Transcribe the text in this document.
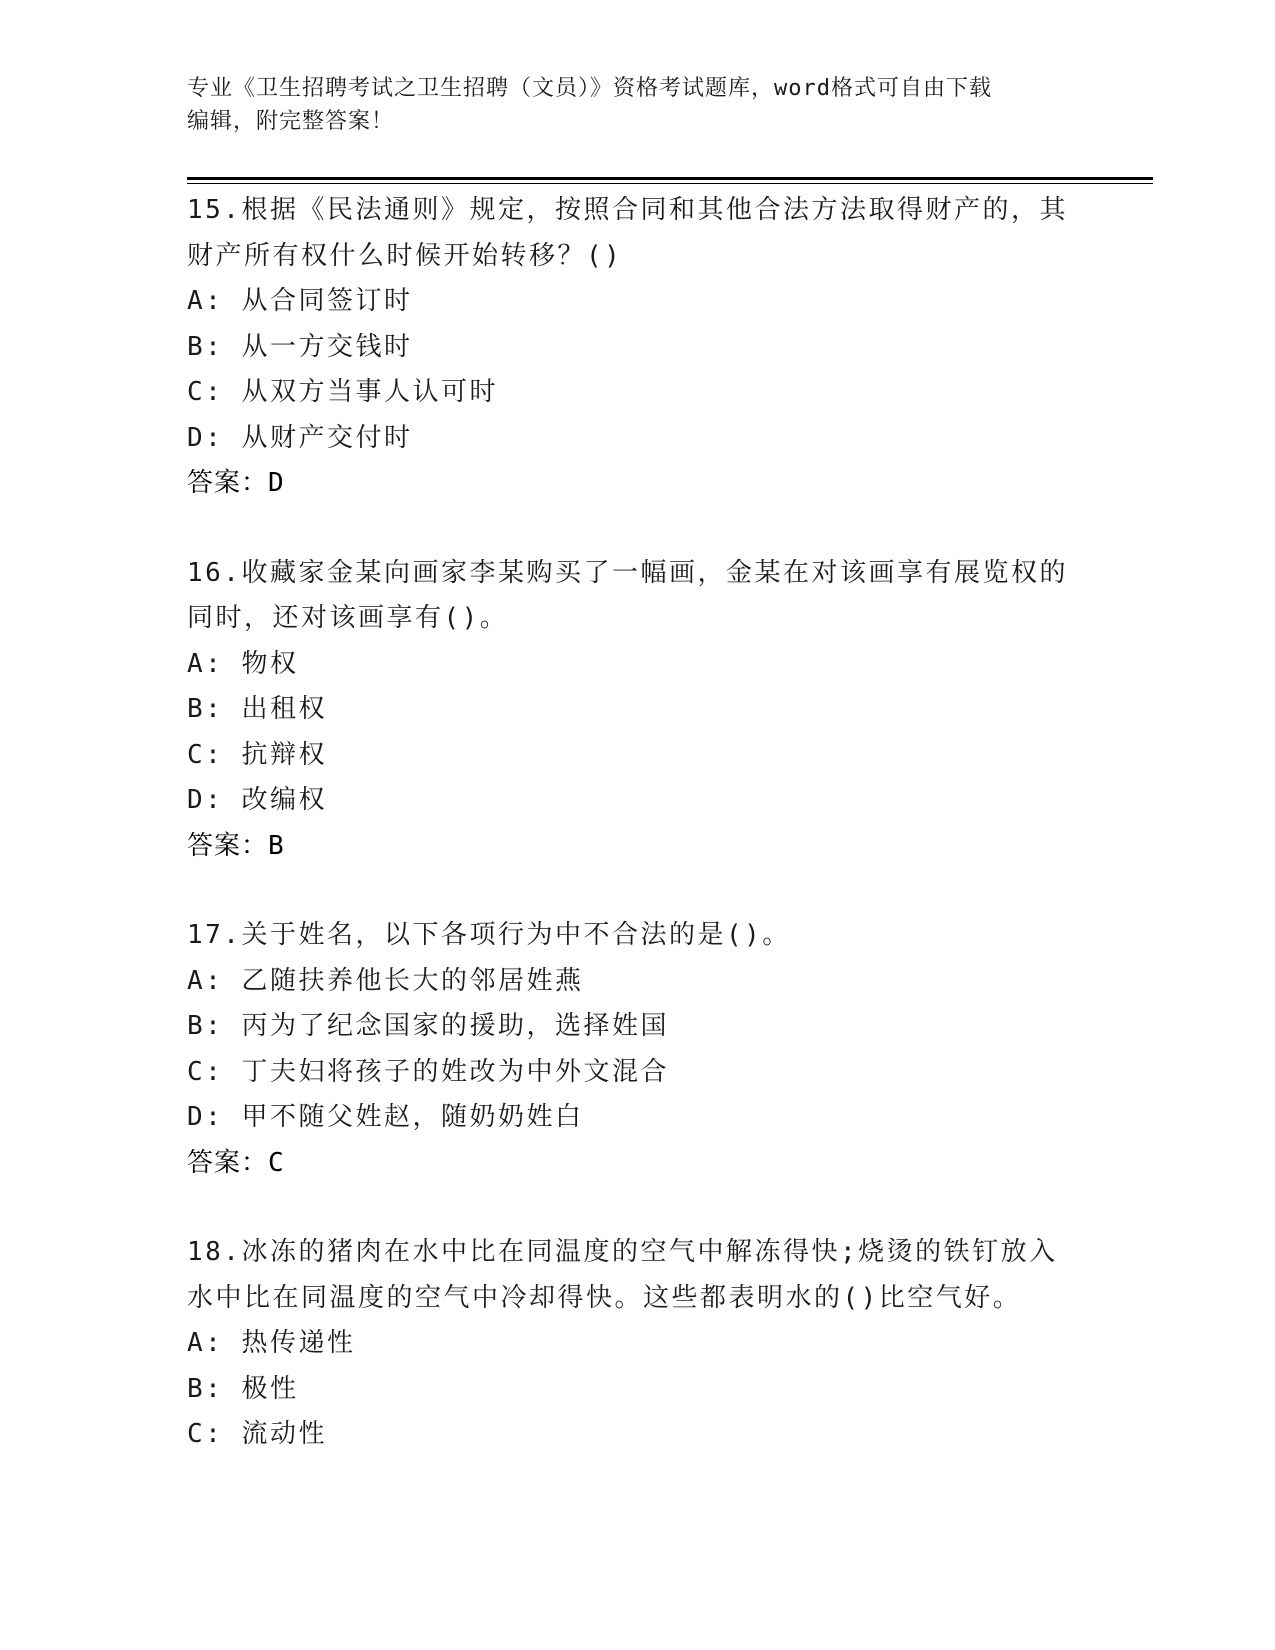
专业《卫生招聘考试之卫生招聘（文员）》资格考试题库，word格式可自由下载
编辑，附完整答案！
15.根据《民法通则》规定，按照合同和其他合法方法取得财产的，其
财产所有权什么时候开始转移？()
A: 从合同签订时
B: 从一方交钱时
C: 从双方当事人认可时
D: 从财产交付时
答案：D
16.收藏家金某向画家李某购买了一幅画，金某在对该画享有展览权的
同时，还对该画享有()。
A: 物权
B: 出租权
C: 抗辩权
D: 改编权
答案：B
17.关于姓名，以下各项行为中不合法的是()。
A: 乙随扶养他长大的邻居姓燕
B: 丙为了纪念国家的援助，选择姓国
C: 丁夫妇将孩子的姓改为中外文混合
D: 甲不随父姓赵，随奶奶姓白
答案：C
18.冰冻的猪肉在水中比在同温度的空气中解冻得快;烧烫的铁钉放入
水中比在同温度的空气中冷却得快。这些都表明水的()比空气好。
A: 热传递性
B: 极性
C: 流动性
